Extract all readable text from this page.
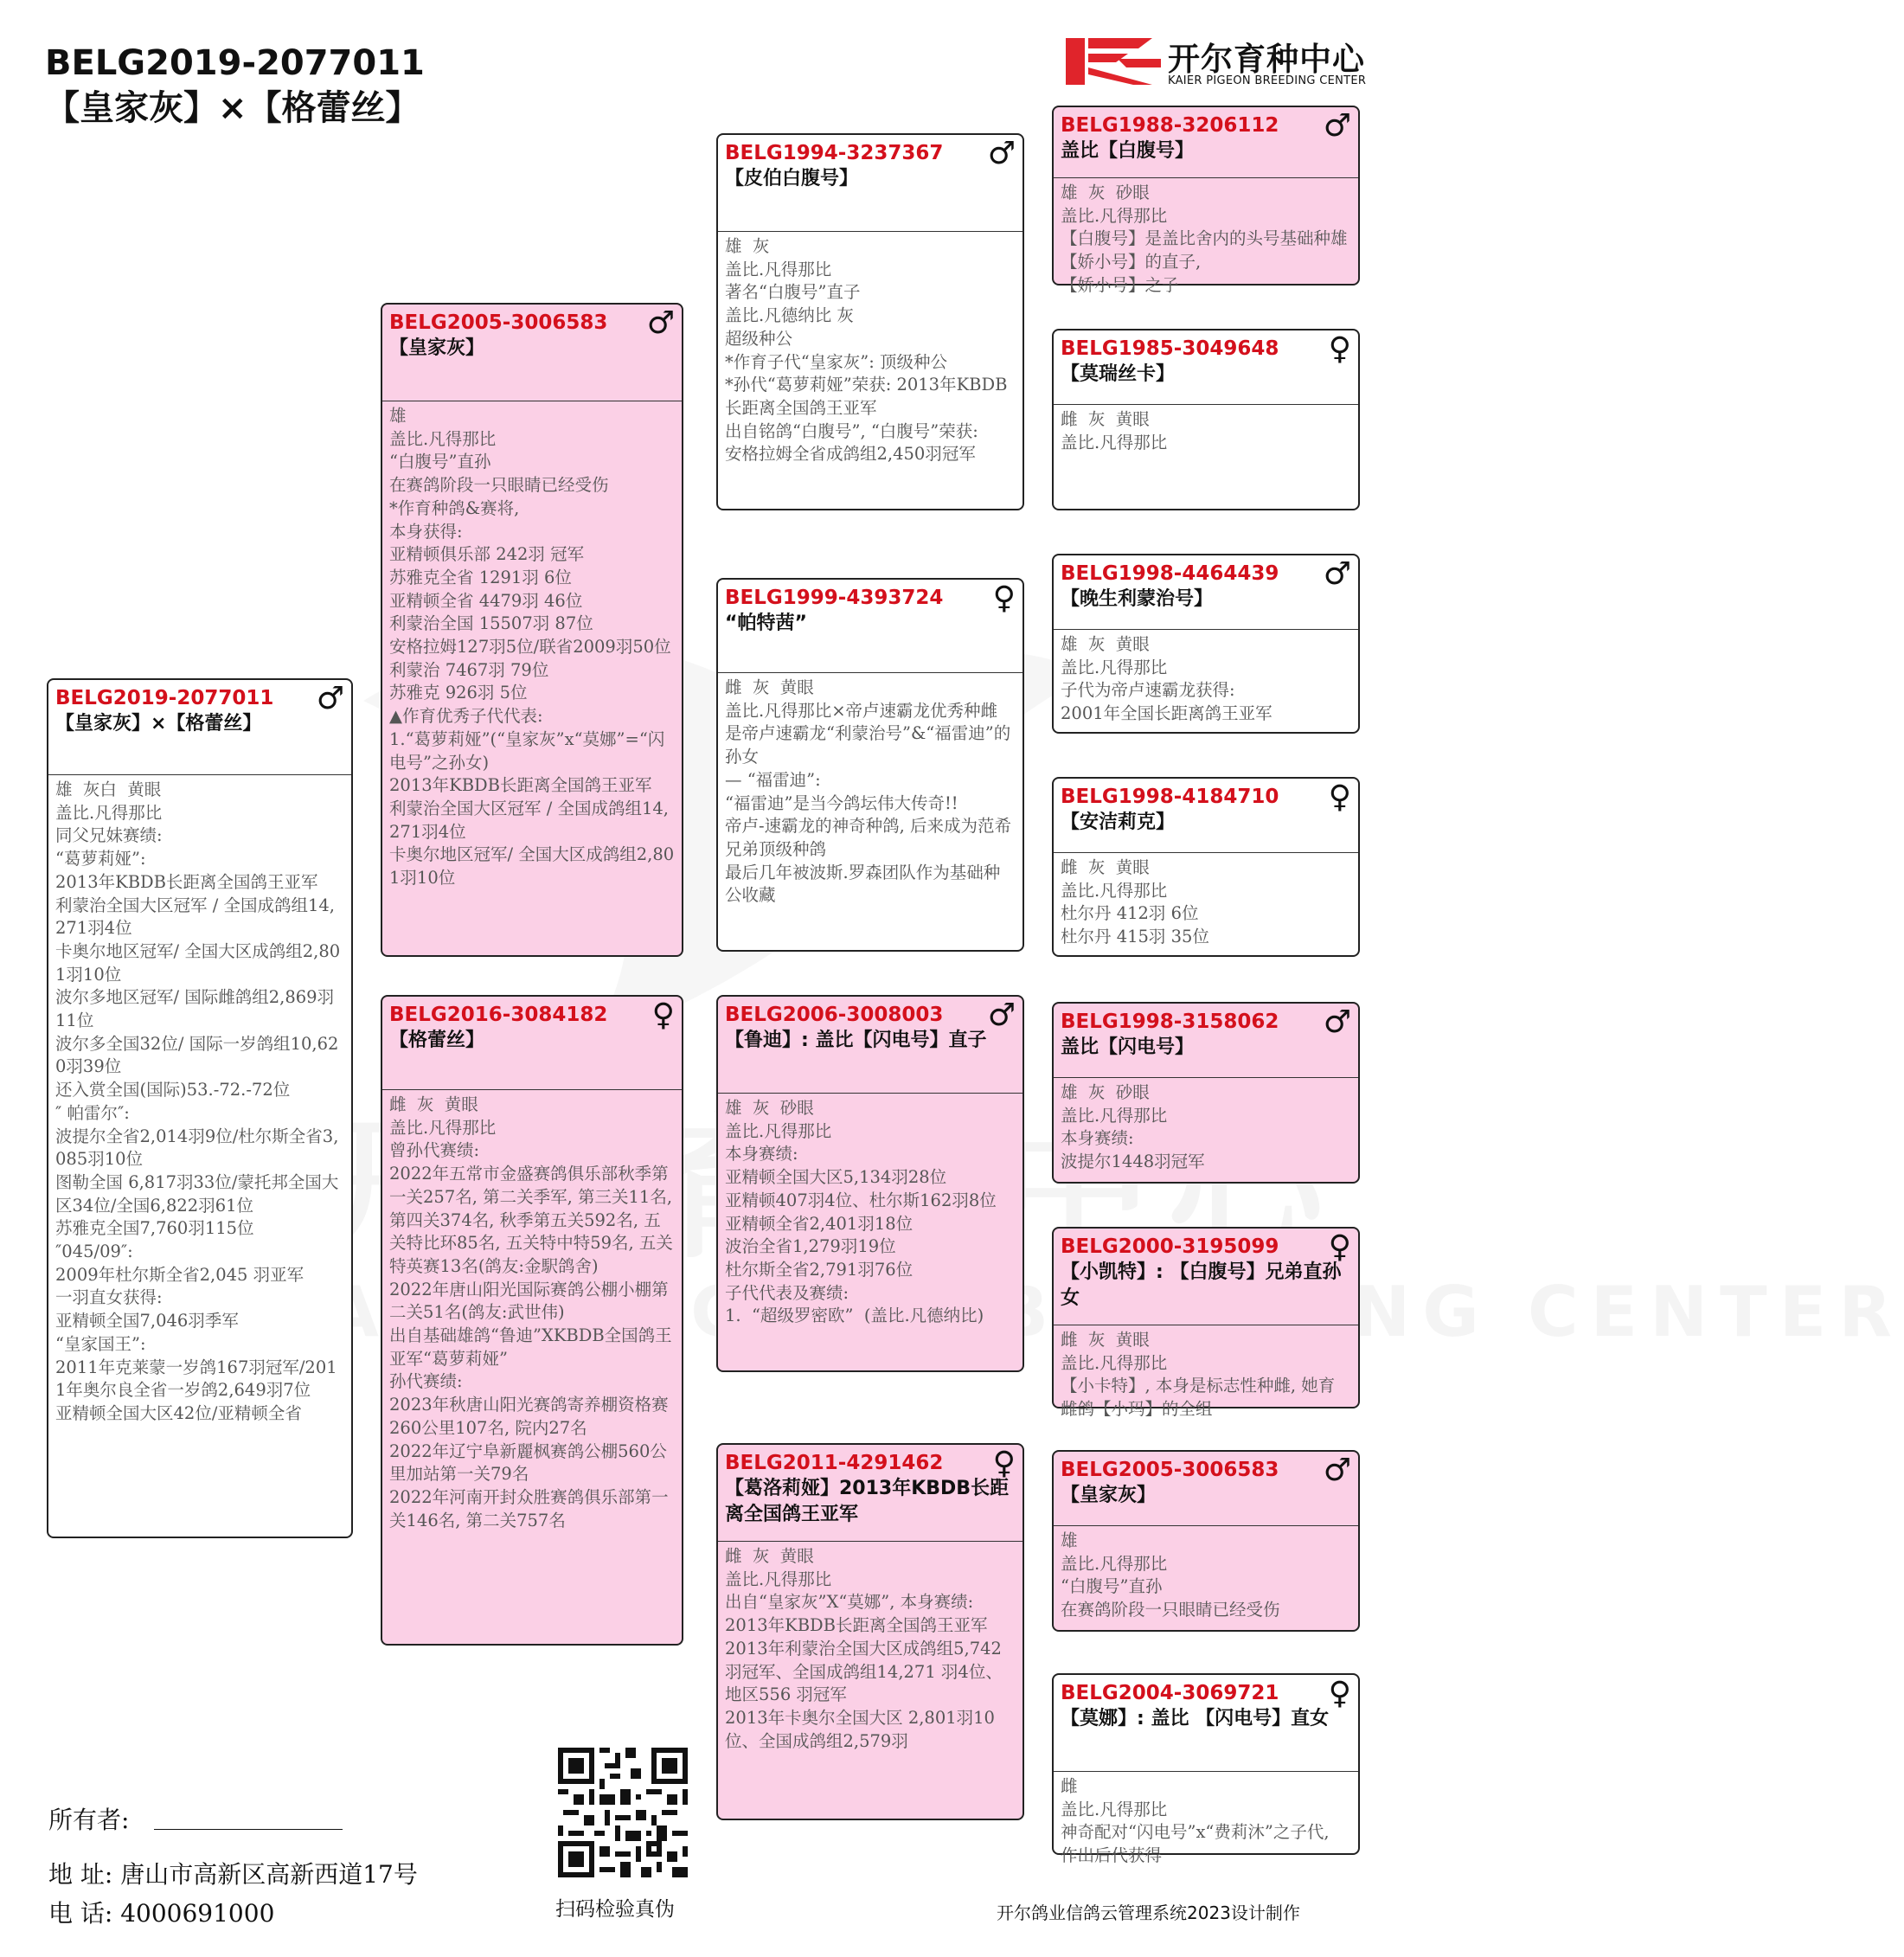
BELG2019-2077011
【皇家灰】×【格蕾丝】
开尔育种中心
KAIER PIGEON BREEDING CENTER
BELG2019-2077011
【皇家灰】×【格蕾丝】
♂
雄  灰白  黄眼
盖比.凡得那比
同父兄妹赛绩:
“葛萝莉娅”:
2013年KBDB长距离全国鸽王亚军
利蒙治全国大区冠军 / 全国成鸽组14,271羽4位
卡奥尔地区冠军/ 全国大区成鸽组2,801羽10位
波尔多地区冠军/ 国际雌鸽组2,869羽11位
波尔多全国32位/ 国际一岁鸽组10,620羽39位
还入赏全国(国际)53.-72.-72位
″ 帕雷尔″:
波提尔全省2,014羽9位/杜尔斯全省3,085羽10位
图勒全国 6,817羽33位/蒙托邦全国大区34位/全国6,822羽61位
苏雅克全国7,760羽115位
″045/09″:
2009年杜尔斯全省2,045 羽亚军
一羽直女获得:
亚精顿全国7,046羽季军
“皇家国王”:
2011年克莱蒙一岁鸽167羽冠军/2011年奥尔良全省一岁鸽2,649羽7位
亚精顿全国大区42位/亚精顿全省
BELG2005-3006583
【皇家灰】
♂
雄
盖比.凡得那比
“白腹号”直孙
在赛鸽阶段一只眼睛已经受伤
*作育种鸽&赛将,
本身获得:
亚精顿俱乐部 242羽 冠军
苏雅克全省 1291羽 6位
亚精顿全省 4479羽 46位
利蒙治全国 15507羽 87位
安格拉姆127羽5位/联省2009羽50位
利蒙治 7467羽 79位
苏雅克 926羽 5位
▲作育优秀子代代表:
1.“葛萝莉娅”(“皇家灰”x“莫娜”=“闪电号”之孙女)
2013年KBDB长距离全国鸽王亚军
利蒙治全国大区冠军 / 全国成鸽组14,271羽4位
卡奥尔地区冠军/ 全国大区成鸽组2,801羽10位
BELG2016-3084182
【格蕾丝】
♀
雌  灰  黄眼
盖比.凡得那比
曾孙代赛绩:
2022年五常市金盛赛鸽俱乐部秋季第一关257名, 第二关季军, 第三关11名, 第四关374名, 秋季第五关592名, 五关特比环85名, 五关特中特59名, 五关特英赛13名(鸽友:金駅鸽舍)
2022年唐山阳光国际赛鸽公棚小棚第二关51名(鸽友:武世伟)
出自基础雄鸽“鲁迪”XKBDB全国鸽王亚军“葛萝莉娅”
孙代赛绩:
2023年秋唐山阳光赛鸽寄养棚资格赛260公里107名, 院内27名
2022年辽宁阜新麗枫赛鸽公棚560公里加站第一关79名
2022年河南开封众胜赛鸽俱乐部第一关146名, 第二关757名
BELG1994-3237367
【皮伯白腹号】
♂
雄  灰
盖比.凡得那比
著名“白腹号”直子
盖比.凡德纳比 灰
超级种公
*作育子代“皇家灰”: 顶级种公
*孙代“葛萝莉娅”荣获: 2013年KBDB长距离全国鸽王亚军
出自铭鸽“白腹号”, “白腹号”荣获:
安格拉姆全省成鸽组2,450羽冠军
BELG1999-4393724
“帕特茜”
♀
雌  灰  黄眼
盖比.凡得那比×帝卢速霸龙优秀种雌
是帝卢速霸龙“利蒙治号”&“福雷迪”的孙女
— “福雷迪”:
“福雷迪”是当今鸽坛伟大传奇!!
帝卢-速霸龙的神奇种鸽, 后来成为范希兄弟顶级种鸽
最后几年被波斯.罗森团队作为基础种公收藏
BELG2006-3008003
【鲁迪】: 盖比【闪电号】直子
♂
雄  灰  砂眼
盖比.凡得那比
本身赛绩:
亚精顿全国大区5,134羽28位
亚精顿407羽4位、杜尔斯162羽8位
亚精顿全省2,401羽18位
波治全省1,279羽19位
杜尔斯全省2,791羽76位
子代代表及赛绩:
1.  “超级罗密欧”  (盖比.凡德纳比)
BELG2011-4291462
【葛洛莉娅】2013年KBDB长距离全国鸽王亚军
♀
雌  灰  黄眼
盖比.凡得那比
出自“皇家灰”X“莫娜”, 本身赛绩:
2013年KBDB长距离全国鸽王亚军
2013年利蒙治全国大区成鸽组5,742 羽冠军、全国成鸽组14,271 羽4位、地区556 羽冠军
2013年卡奥尔全国大区 2,801羽10位、全国成鸽组2,579羽
BELG1988-3206112
盖比【白腹号】
♂
雄  灰  砂眼
盖比.凡得那比
【白腹号】是盖比舍内的头号基础种雄【娇小号】的直子,
【娇小号】之子
BELG1985-3049648
【莫瑞丝卡】
♀
雌  灰  黄眼
盖比.凡得那比
BELG1998-4464439
【晚生利蒙治号】
♂
雄  灰  黄眼
盖比.凡得那比
子代为帝卢速霸龙获得:
2001年全国长距离鸽王亚军
BELG1998-4184710
【安洁莉克】
♀
雌  灰  黄眼
盖比.凡得那比
杜尔丹 412羽 6位
杜尔丹 415羽 35位

BELG1998-3158062
盖比【闪电号】
♂
雄  灰  砂眼
盖比.凡得那比
本身赛绩:
波提尔1448羽冠军
BELG2000-3195099
【小凯特】: 【白腹号】兄弟直孙女
♀
雌  灰  黄眼
盖比.凡得那比
【小卡特】, 本身是标志性种雌, 她育雌鸽【小玛】的全组
BELG2005-3006583
【皇家灰】
♂
雄
盖比.凡得那比
“白腹号”直孙
在赛鸽阶段一只眼睛已经受伤
BELG2004-3069721
【莫娜】: 盖比 【闪电号】直女
♀
雌
盖比.凡得那比
神奇配对“闪电号”x“费莉沐”之子代, 作出后代获得
所有者:
地 址: 唐山市高新区高新西道17号
电 话: 4000691000	扫码检验真伪	开尔鸽业信鸽云管理系统2023设计制作
